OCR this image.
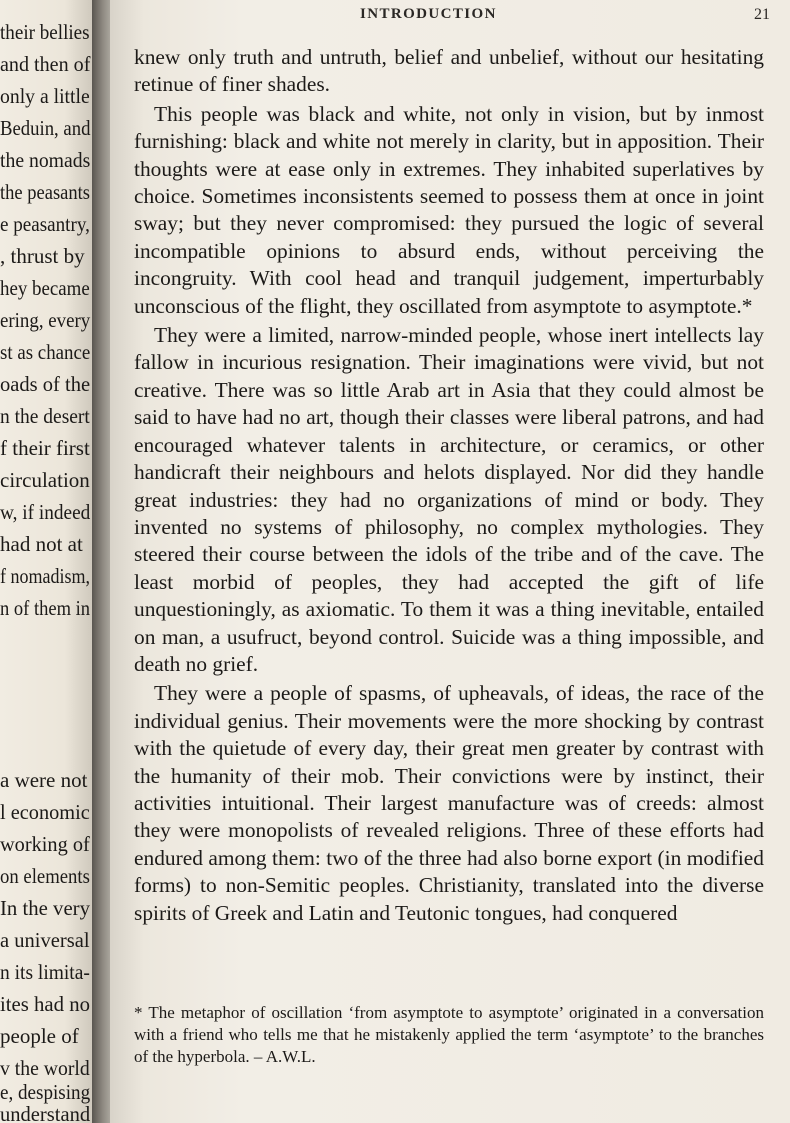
their bellies
and then of
only a little
Beduin, and
the nomads
the peasants
e peasantry,
, thrust by
hey became
ering, every
st as chance
oads of the
n the desert
f their first
circulation
w, if indeed
had not at
f nomadism,
n of them in
a were not
l economic
working of
on elements
In the very
a universal
n its limita-
ites had no
people of
v the world
e, despising
understand
INTRODUCTION	21

knew only truth and untruth, belief and unbelief, without our hesitating retinue of finer shades.

This people was black and white, not only in vision, but by inmost furnishing: black and white not merely in clarity, but in apposition. Their thoughts were at ease only in extremes. They inhabited superlatives by choice. Sometimes inconsistents seemed to possess them at once in joint sway; but they never compromised: they pursued the logic of several incompatible opinions to absurd ends, without perceiving the incongruity. With cool head and tranquil judgement, imperturbably unconscious of the flight, they oscillated from asymptote to asymptote.*

They were a limited, narrow-minded people, whose inert intellects lay fallow in incurious resignation. Their imaginations were vivid, but not creative. There was so little Arab art in Asia that they could almost be said to have had no art, though their classes were liberal patrons, and had encouraged whatever talents in architecture, or ceramics, or other handicraft their neighbours and helots displayed. Nor did they handle great industries: they had no organizations of mind or body. They invented no systems of philosophy, no complex mythologies. They steered their course between the idols of the tribe and of the cave. The least morbid of peoples, they had accepted the gift of life unquestioningly, as axiomatic. To them it was a thing inevitable, entailed on man, a usufruct, beyond control. Suicide was a thing impossible, and death no grief.

They were a people of spasms, of upheavals, of ideas, the race of the individual genius. Their movements were the more shocking by contrast with the quietude of every day, their great men greater by contrast with the humanity of their mob. Their convictions were by instinct, their activities intuitional. Their largest manufacture was of creeds: almost they were monopolists of revealed religions. Three of these efforts had endured among them: two of the three had also borne export (in modified forms) to non-Semitic peoples. Christianity, translated into the diverse spirits of Greek and Latin and Teutonic tongues, had conquered

* The metaphor of oscillation ‘from asymptote to asymptote’ originated in a conversation with a friend who tells me that he mistakenly applied the term ‘asymptote’ to the branches of the hyperbola. – A.W.L.
